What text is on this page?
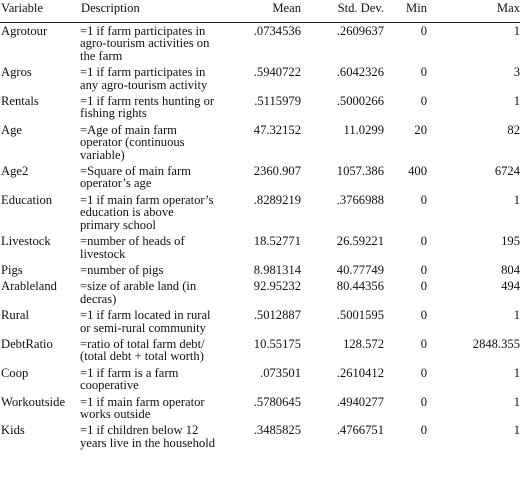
Variable	Description	Mean	Std. Dev.	Min	Max
Agrotour	=1 if farm participates in agro-tourism activities on the farm	.0734536	.2609637	0	1
Agros	=1 if farm participates in any agro-tourism activity	.5940722	.6042326	0	3
Rentals	=1 if farm rents hunting or fishing rights	.5115979	.5000266	0	1
Age	=Age of main farm operator (continuous variable)	47.32152	11.0299	20	82
Age2	=Square of main farm operator’s age	2360.907	1057.386	400	6724
Education	=1 if main farm operator’s education is above primary school	.8289219	.3766988	0	1
Livestock	=number of heads of livestock	18.52771	26.59221	0	195
Pigs	=number of pigs	8.981314	40.77749	0	804
Arableland	=size of arable land (in decras)	92.95232	80.44356	0	494
Rural	=1 if farm located in rural or semi-rural community	.5012887	.5001595	0	1
DebtRatio	=ratio of total farm debt/ (total debt + total worth)	10.55175	128.572	0	2848.355
Coop	=1 if farm is a farm cooperative	.073501	.2610412	0	1
Workoutside	=1 if main farm operator works outside	.5780645	.4940277	0	1
Kids	=1 if children below 12 years live in the household	.3485825	.4766751	0	1
